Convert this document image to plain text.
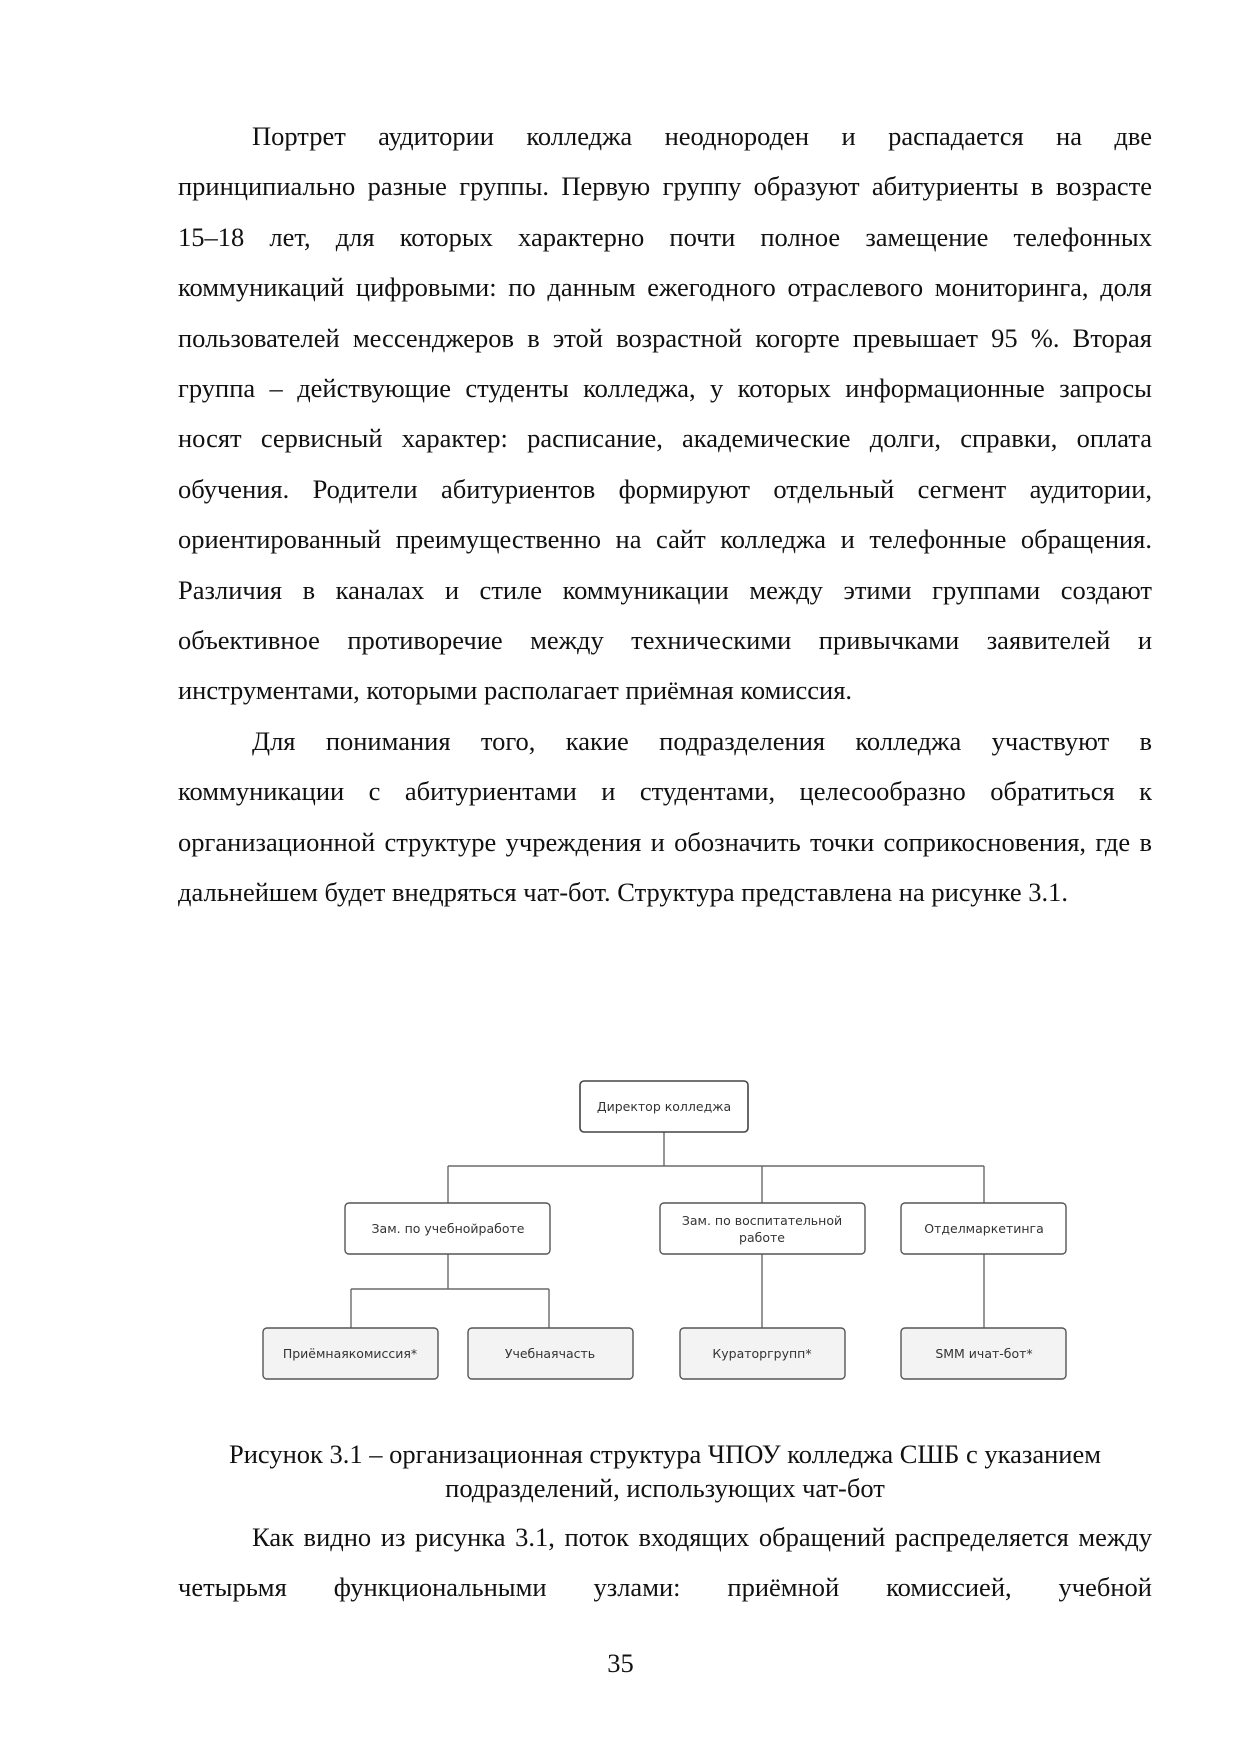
Портрет аудитории колледжа неоднороден и распадается на две принципиально разные группы. Первую группу образуют абитуриенты в возрасте 15–18 лет, для которых характерно почти полное замещение телефонных коммуникаций цифровыми: по данным ежегодного отраслевого мониторинга, доля пользователей мессенджеров в этой возрастной когорте превышает 95 %. Вторая группа – действующие студенты колледжа, у которых информационные запросы носят сервисный характер: расписание, академические долги, справки, оплата обучения. Родители абитуриентов формируют отдельный сегмент аудитории, ориентированный преимущественно на сайт колледжа и телефонные обращения. Различия в каналах и стиле коммуникации между этими группами создают объективное противоречие между техническими привычками заявителей и инструментами, которыми располагает приёмная комиссия.

Для понимания того, какие подразделения колледжа участвуют в коммуникации с абитуриентами и студентами, целесообразно обратиться к организационной структуре учреждения и обозначить точки соприкосновения, где в дальнейшем будет внедряться чат-бот. Структура представлена на рисунке 3.1.

Директор колледжа
Зам. по учебнойработе
Зам. по воспитательной
работе
Отделмаркетинга
Приёмнаякомиссия*	Учебнаячасть	Кураторгрупп*	SMM ичат-бот*
Рисунок 3.1 – организационная структура ЧПОУ колледжа СШБ с указанием
подразделений, использующих чат-бот

Как видно из рисунка 3.1, поток входящих обращений распределяется между четырьмя функциональными узлами: приёмной комиссией, учебной

35
